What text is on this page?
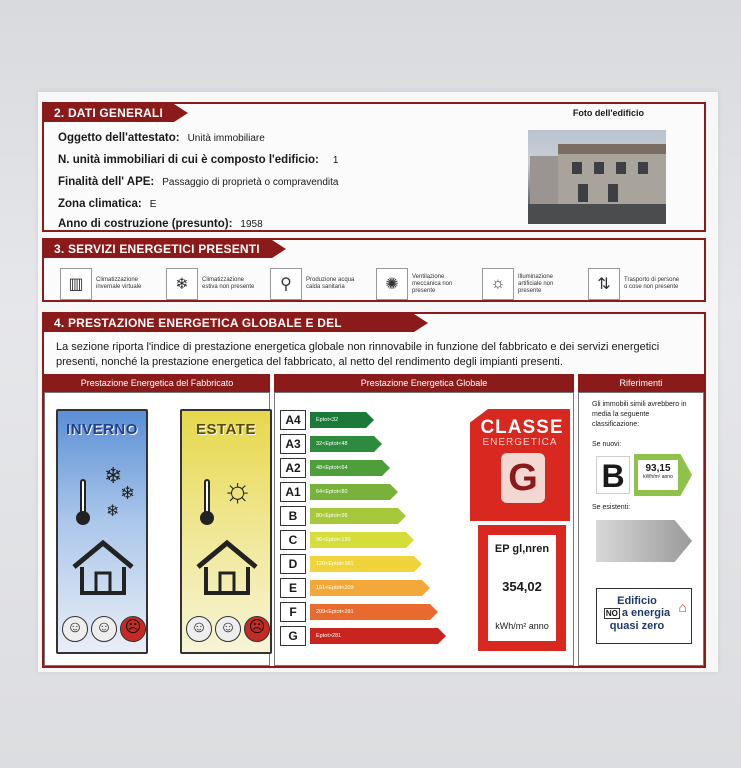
2. DATI GENERALI	Foto dell'edificio
Oggetto dell'attestato: Unità immobiliare
N. unità immobiliari di cui è composto l'edificio: 1
Finalità dell' APE: Passaggio di proprietà o compravendita
Zona climatica: E
Anno di costruzione (presunto): 1958
3. SERVIZI ENERGETICI PRESENTI
▥	Climatizzazione invernale virtuale	❄	Climatizzazione estiva non presente	⚲	Produzione acqua calda sanitaria	✺	Ventilazione meccanica non presente	☼	Illuminazione artificiale non presente	⇅	Trasporto di persone o cose non presente
4. PRESTAZIONE ENERGETICA GLOBALE E DEL FABBRICATO
La sezione riporta l'indice di prestazione energetica globale non rinnovabile in funzione del fabbricato e dei servizi energetici presenti, nonché la prestazione energetica del fabbricato, al netto del rendimento degli impianti presenti.
Prestazione Energetica del Fabbricato	Prestazione Energetica Globale	Riferimenti
INVERNO
❄
❄
❄
☺ ☺ ☹
ESTATE
☼
☺ ☺ ☹
A4	Eptot<32
A3	32<Eptot<48
A2	48<Eptot<64
A1	64<Eptot<80
B	80<Eptot<96
C	96<Eptot<120
D	120<Eptot<161
E	161<Eptot<209
F	209<Eptot<281
G	Eptot>281
CLASSE
ENERGETICA
G
EP gl,nren
354,02
kWh/m² anno
Gli immobili simili avrebbero in media la seguente classificazione:

Se nuovi:
B	93,15
kWh/m² anno
Se esistenti:
Edificio
NO a energia
quasi zero
⌂
